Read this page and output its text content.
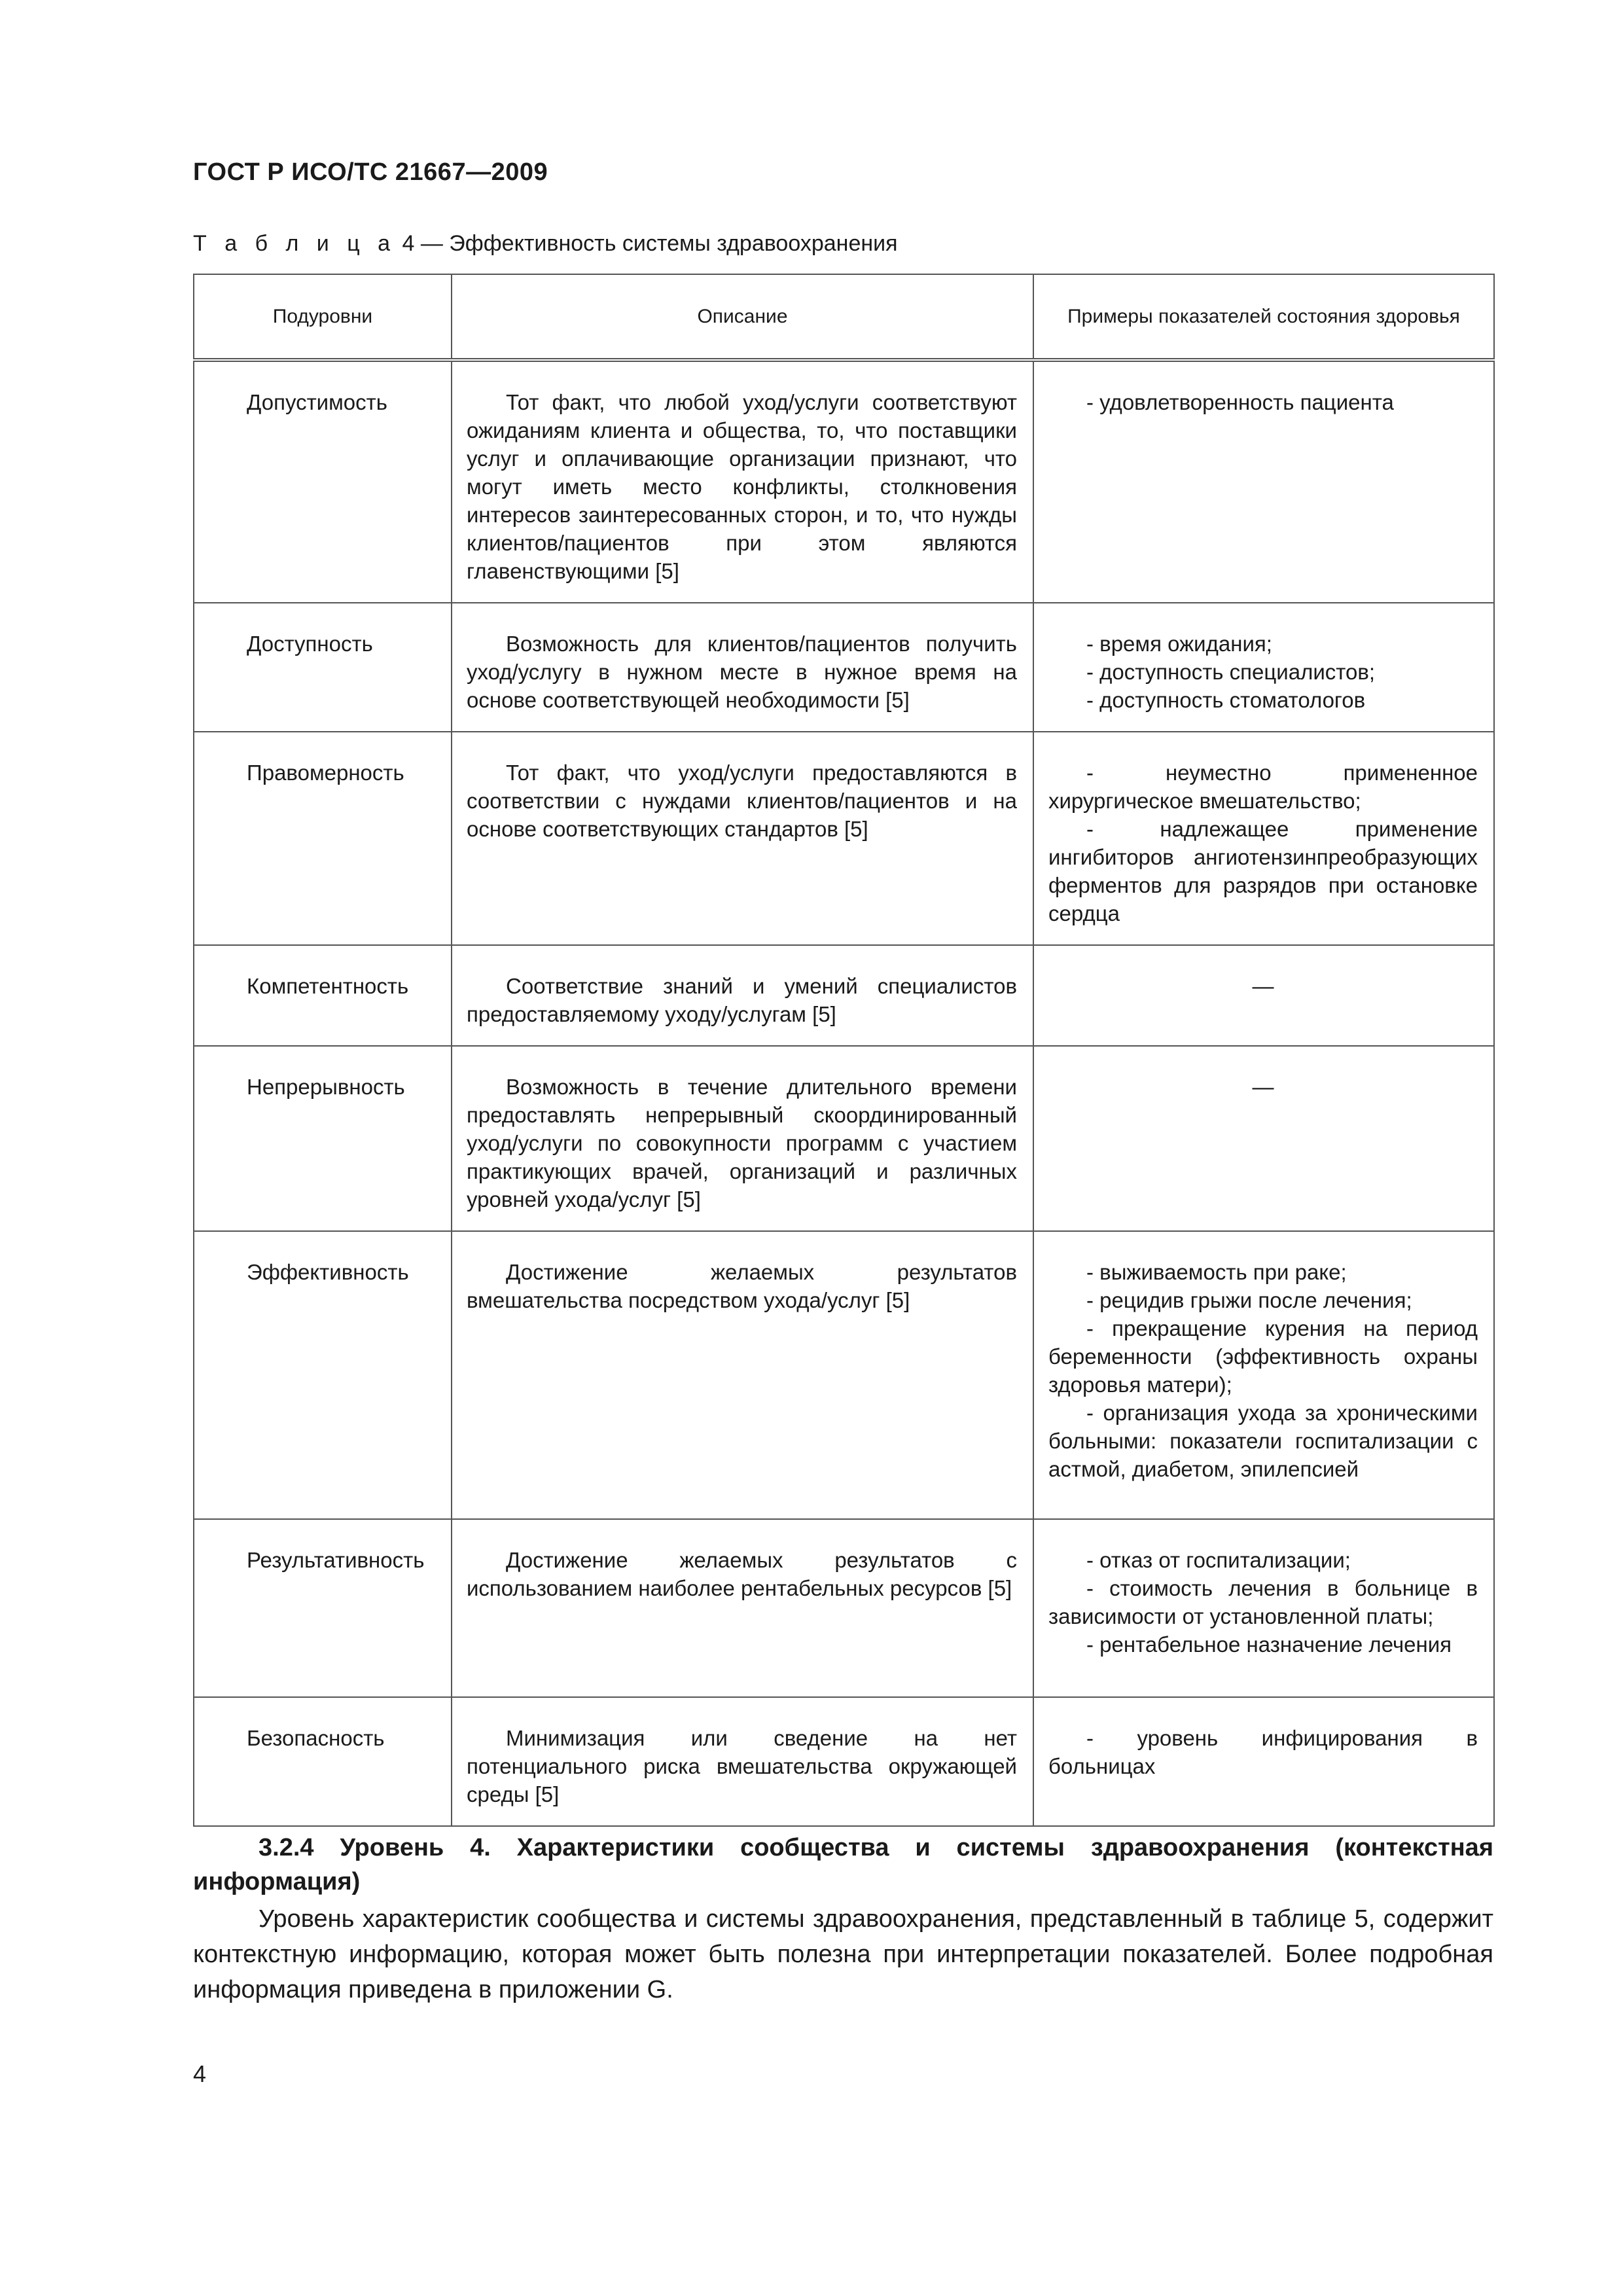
ГОСТ Р ИСО/ТС 21667—2009
Т а б л и ц а 4 — Эффективность системы здравоохранения
Подуровни	Описание	Примеры показателей состояния здоровья
Допустимость	Тот факт, что любой уход/услуги соответствуют ожиданиям клиента и общества, то, что поставщики услуг и оплачивающие организации признают, что могут иметь место конфликты, столкновения интересов заинтересованных сторон, и то, что нужды клиентов/пациентов при этом являются главенствующими [5]	- удовлетворенность пациента

Доступность	Возможность для клиентов/пациентов получить уход/услугу в нужном месте в нужное время на основе соответствующей необходимости [5]	- время ожидания;
- доступность специалистов;
- доступность стоматологов

Правомерность	Тот факт, что уход/услуги предоставляются в соответствии с нуждами клиентов/пациентов и на основе соответствующих стандартов [5]	- неуместно примененное хирургическое вмешательство;
- надлежащее применение ингибиторов ангиотензинпреобразующих ферментов для разрядов при остановке сердца

Компетентность	Соответствие знаний и умений специалистов предоставляемому уходу/услугам [5]	—

Непрерывность	Возможность в течение длительного времени предоставлять непрерывный скоординированный уход/услуги по совокупности программ с участием практикующих врачей, организаций и различных уровней ухода/услуг [5]	—

Эффективность	Достижение желаемых результатов вмешательства посредством ухода/услуг [5]	- выживаемость при раке;
- рецидив грыжи после лечения;
- прекращение курения на период беременности (эффективность охраны здоровья матери);
- организация ухода за хроническими больными: показатели госпитализации с астмой, диабетом, эпилепсией

Результативность	Достижение желаемых результатов с использованием наиболее рентабельных ресурсов [5]	- отказ от госпитализации;
- стоимость лечения в больнице в зависимости от установленной платы;
- рентабельное назначение лечения

Безопасность	Минимизация или сведение на нет потенциального риска вмешательства окружающей среды [5]	- уровень инфицирования в больницах
3.2.4 Уровень 4. Характеристики сообщества и системы здравоохранения (контекстная информация)
Уровень характеристик сообщества и системы здравоохранения, представленный в таблице 5, содержит контекстную информацию, которая может быть полезна при интерпретации показателей. Более подробная информация приведена в приложении G.
4
